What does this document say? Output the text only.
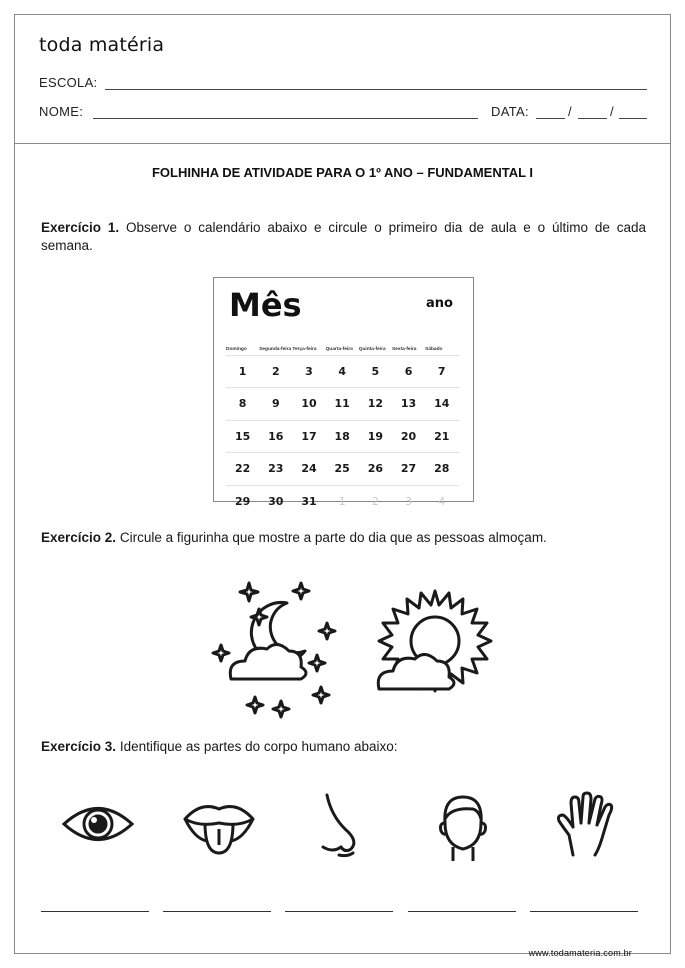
toda matéria
ESCOLA:
NOME:	DATA:	/	/
FOLHINHA DE ATIVIDADE PARA O 1º ANO – FUNDAMENTAL I
Exercício 1. Observe o calendário abaixo e circule o primeiro dia de aula e o último de cada semana.
Mês	ano
Domingo	Segunda-feira Terça-feira	Quarta-feira	Quinta-feira	Sexta-feira	Sábado
1	2	3	4	5	6	7
8	9	10	11	12	13	14
15	16	17	18	19	20	21
22	23	24	25	26	27	28
29	30	31	1	2	3	4
Exercício 2. Circule a figurinha que mostre a parte do dia que as pessoas almoçam.
Exercício 3. Identifique as partes do corpo humano abaixo:
www.todamateria.com.br
